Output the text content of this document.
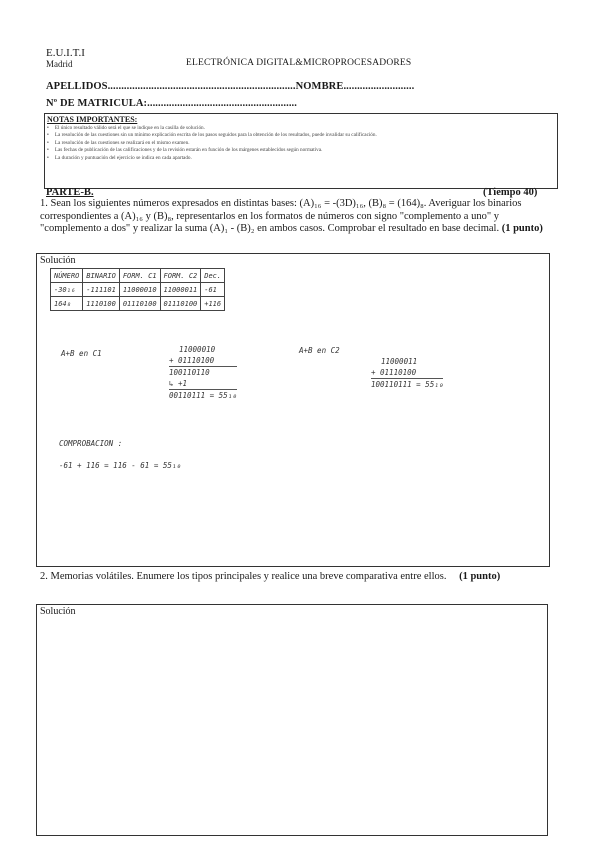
E.U.I.T.I
Madrid	ELECTRÓNICA DIGITAL&MICROPROCESADORES
APELLIDOS.....................................................................NOMBRE..........................
Nº DE MATRICULA:.......................................................
NOTAS IMPORTANTES:
• El único resultado válido será el que se indique en la casilla de solución.
• La resolución de las cuestiones sin un mínimo explicación escrita de los pasos seguidos para la obtención de los resultados, puede invalidar su calificación.
• La resolución de las cuestiones se realizará en el mismo examen.
• Las fechas de publicación de las calificaciones y de la revisión estarán en función de los márgenes establecidos según normativa.
• La duración y puntuación del ejercicio se indica en cada apartado.
PARTE-B.	(Tiempo 40)
1. Sean los siguientes números expresados en distintas bases: (A)₁₆ = -(3D)₁₆, (B)₈ = (164)₈. Averiguar los binarios correspondientes a (A)₁₆ y (B)₈, representarlos en los formatos de números con signo "complemento a uno" y "complemento a dos" y realizar la suma (A)₁ - (B)₂ en ambos casos. Comprobar el resultado en base decimal. (1 punto)
Solución
NÚMERO	BINARIO	FORM. C1	FORM. C2	Dec.
-30₁₆	-111101	11000010	11000011	-61
164₈	1110100	01110100	01110100	+116
A+B en C1	11000010
+ 01110100
100110110
↳ +1
00110111 = 55₁₀
A+B en C2
11000011
+ 01110100
100110111 = 55₁₀
COMPROBACION :
-61 + 116 = 116 - 61 = 55₁₀
2. Memorias volátiles. Enumere los tipos principales y realice una breve comparativa entre ellos. (1 punto)
Solución
